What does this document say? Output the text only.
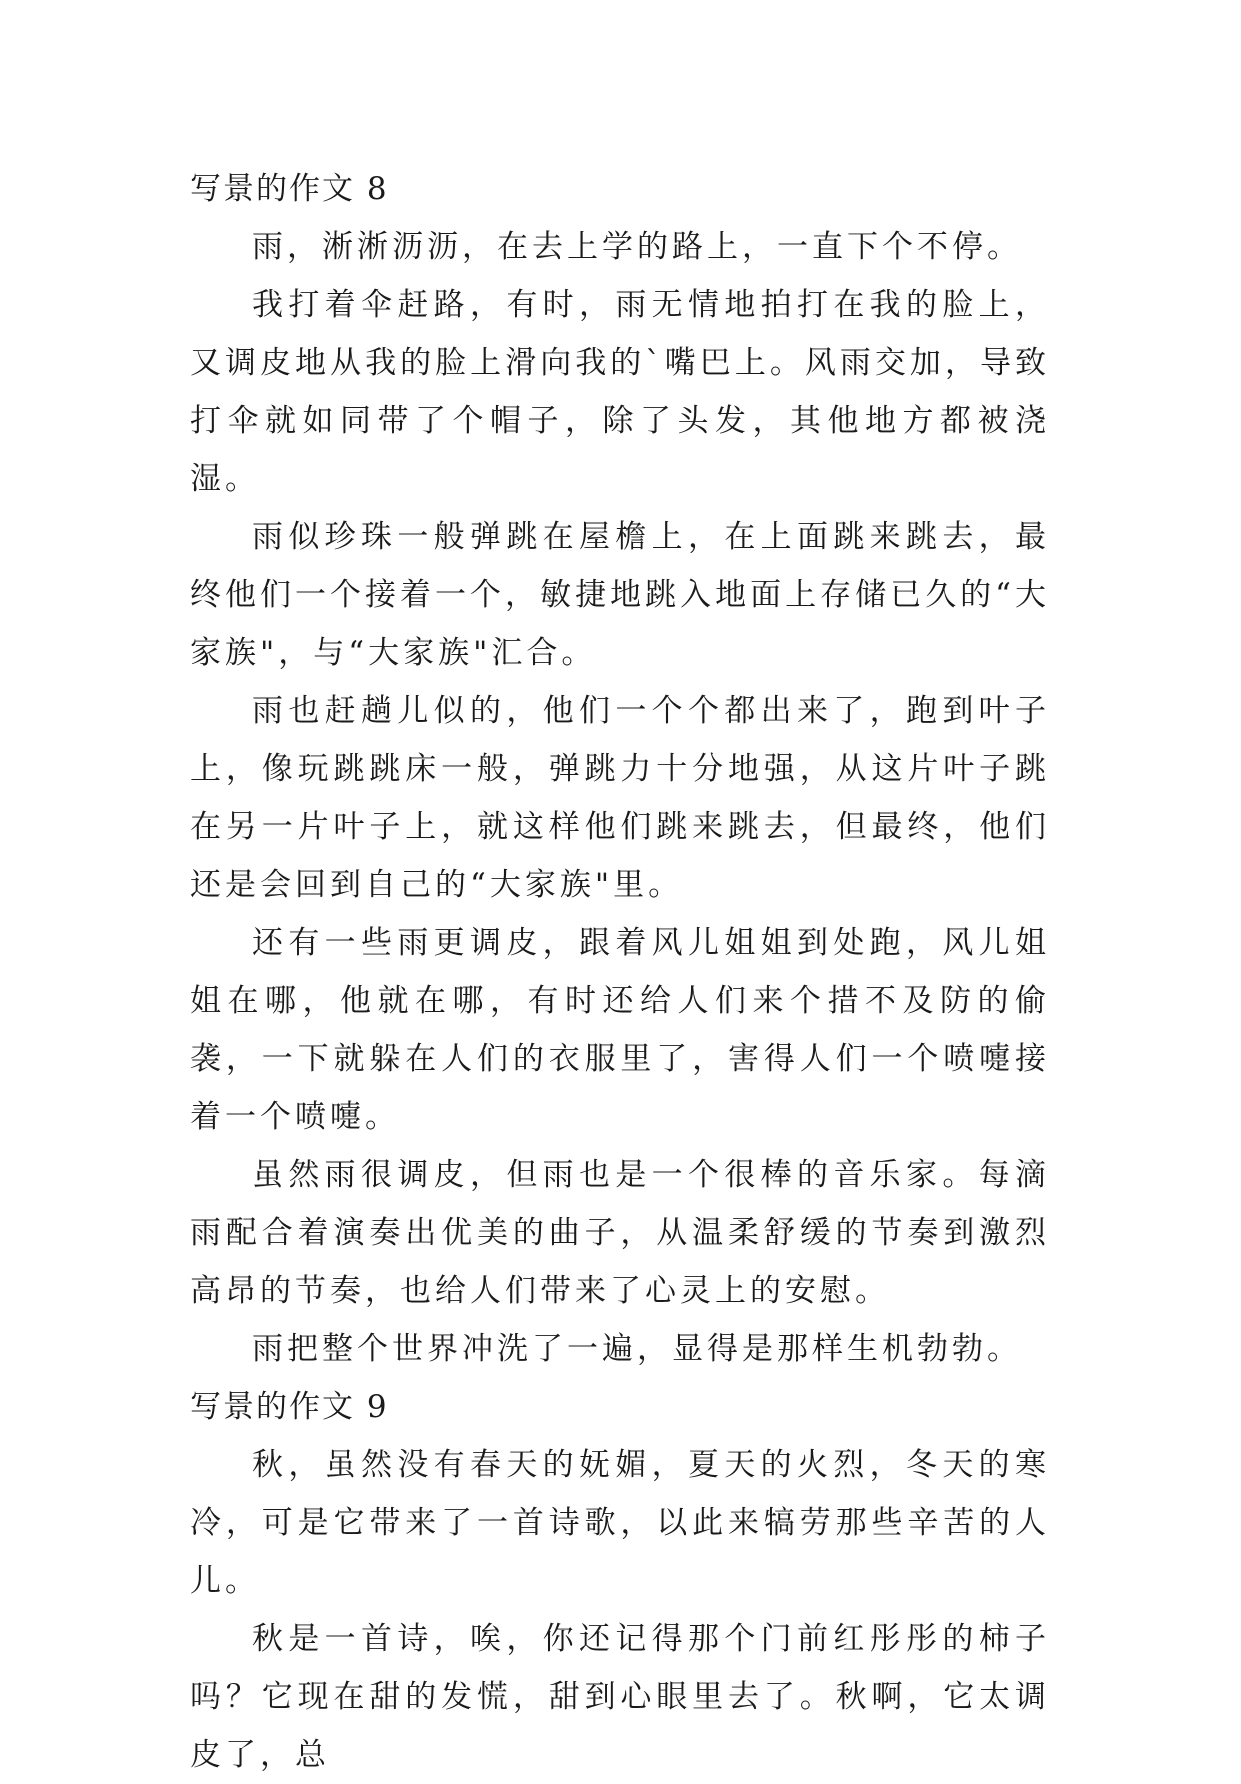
写景的作文 8

雨，淅淅沥沥，在去上学的路上，一直下个不停。

我打着伞赶路，有时，雨无情地拍打在我的脸上，又调皮地从我的脸上滑向我的`嘴巴上。风雨交加，导致打伞就如同带了个帽子，除了头发，其他地方都被浇湿。

雨似珍珠一般弹跳在屋檐上，在上面跳来跳去，最终他们一个接着一个，敏捷地跳入地面上存储已久的“大家族"，与“大家族"汇合。

雨也赶趟儿似的，他们一个个都出来了，跑到叶子上，像玩跳跳床一般，弹跳力十分地强，从这片叶子跳在另一片叶子上，就这样他们跳来跳去，但最终，他们还是会回到自己的“大家族"里。

还有一些雨更调皮，跟着风儿姐姐到处跑，风儿姐姐在哪，他就在哪，有时还给人们来个措不及防的偷袭，一下就躲在人们的衣服里了，害得人们一个喷嚏接着一个喷嚏。

虽然雨很调皮，但雨也是一个很棒的音乐家。每滴雨配合着演奏出优美的曲子，从温柔舒缓的节奏到激烈高昂的节奏，也给人们带来了心灵上的安慰。

雨把整个世界冲洗了一遍，显得是那样生机勃勃。

写景的作文 9

秋，虽然没有春天的妩媚，夏天的火烈，冬天的寒冷，可是它带来了一首诗歌，以此来犒劳那些辛苦的人儿。

秋是一首诗，唉，你还记得那个门前红彤彤的柿子吗？它现在甜的发慌，甜到心眼里去了。秋啊，它太调皮了，总
